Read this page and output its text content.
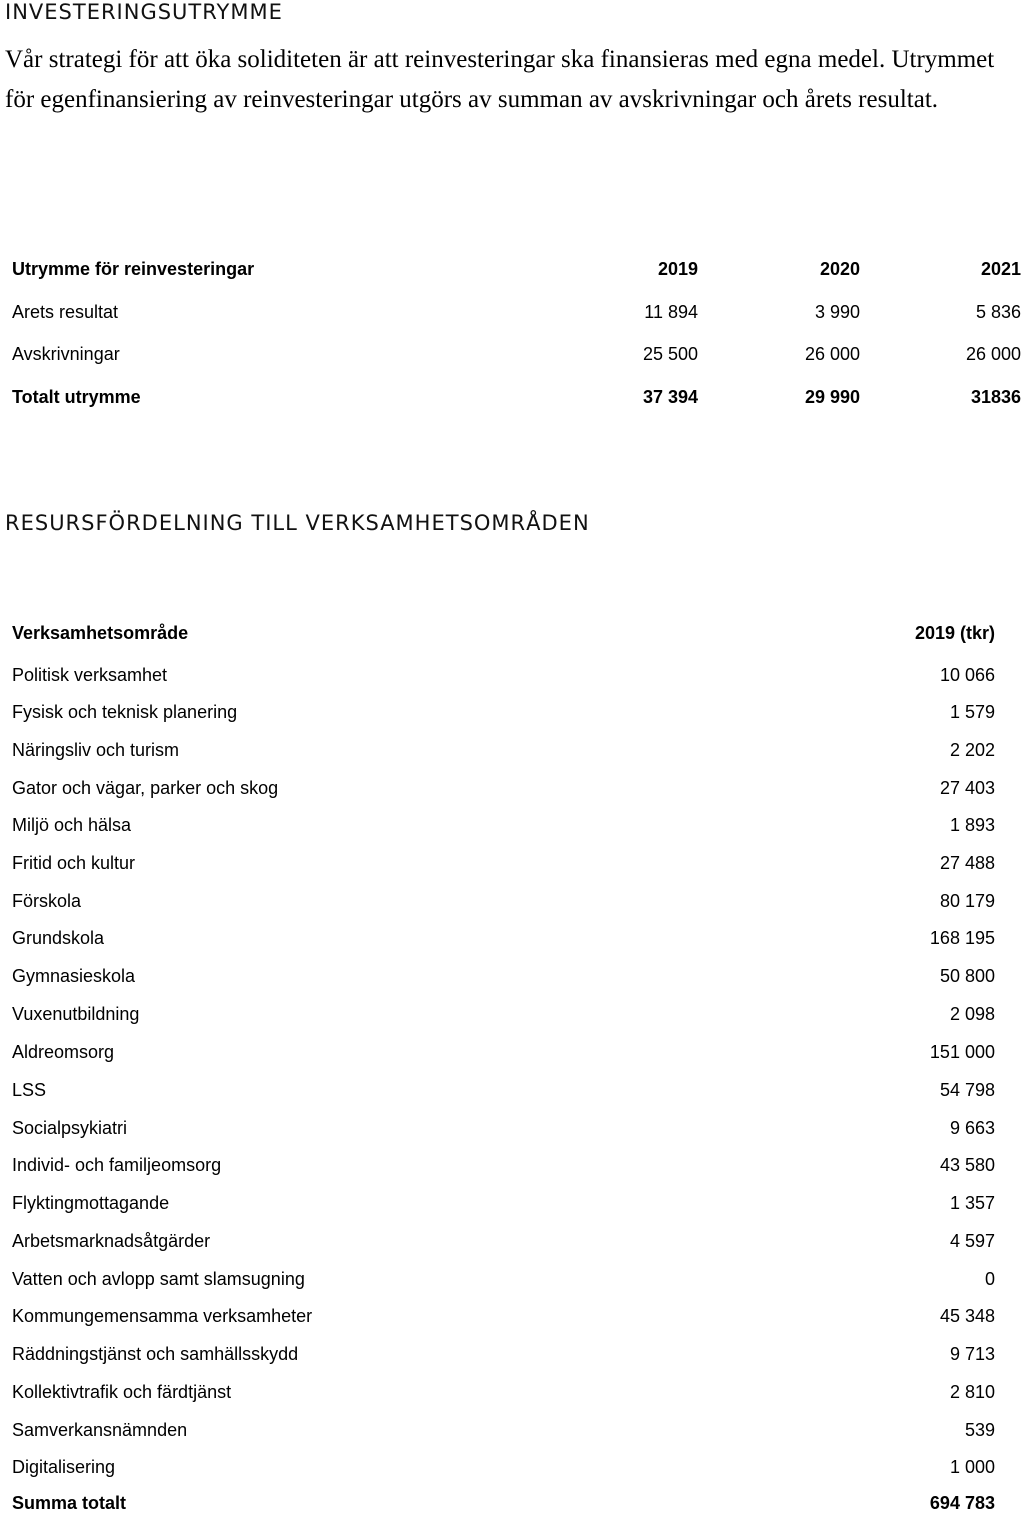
INVESTERINGSUTRYMME

Vår strategi för att öka soliditeten är att reinvesteringar ska finansieras med egna medel. Utrymmet för egenfinansiering av reinvesteringar utgörs av summan av avskrivningar och årets resultat.

Utrymme för reinvesteringar	2019	2020	2021
Arets resultat	11 894	3 990	5 836
Avskrivningar	25 500	26 000	26 000
Totalt utrymme	37 394	29 990	31836
RESURSFÖRDELNING TILL VERKSAMHETSOMRÅDEN
Verksamhetsområde	2019 (tkr)
Politisk verksamhet	10 066
Fysisk och teknisk planering	1 579
Näringsliv och turism	2 202
Gator och vägar, parker och skog	27 403
Miljö och hälsa	1 893
Fritid och kultur	27 488
Förskola	80 179
Grundskola	168 195
Gymnasieskola	50 800
Vuxenutbildning	2 098
Aldreomsorg	151 000
LSS	54 798
Socialpsykiatri	9 663
Individ- och familjeomsorg	43 580
Flyktingmottagande	1 357
Arbetsmarknadsåtgärder	4 597
Vatten och avlopp samt slamsugning	0
Kommungemensamma verksamheter	45 348
Räddningstjänst och samhällsskydd	9 713
Kollektivtrafik och färdtjänst	2 810
Samverkansnämnden	539
Digitalisering	1 000
Summa totalt	694 783
